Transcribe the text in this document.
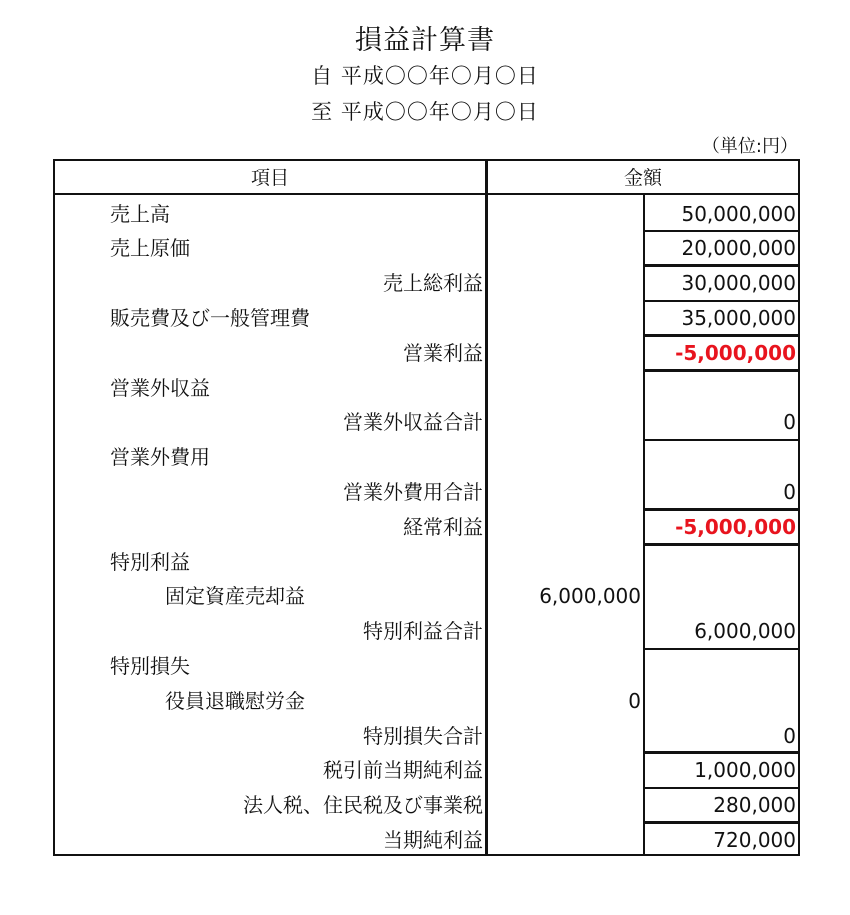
損益計算書
自 平成〇〇年〇月〇日
至 平成〇〇年〇月〇日
（単位:円）
項目	金額
売上高
売上原価
売上総利益
販売費及び一般管理費
営業利益
営業外収益
営業外収益合計
営業外費用
営業外費用合計
経常利益
特別利益
固定資産売却益
特別利益合計
特別損失
役員退職慰労金
特別損失合計
税引前当期純利益
法人税、住民税及び事業税
当期純利益
6,000,000
0
50,000,000
20,000,000
30,000,000
35,000,000
-5,000,000
0
0
-5,000,000
6,000,000
0
1,000,000
280,000
720,000
